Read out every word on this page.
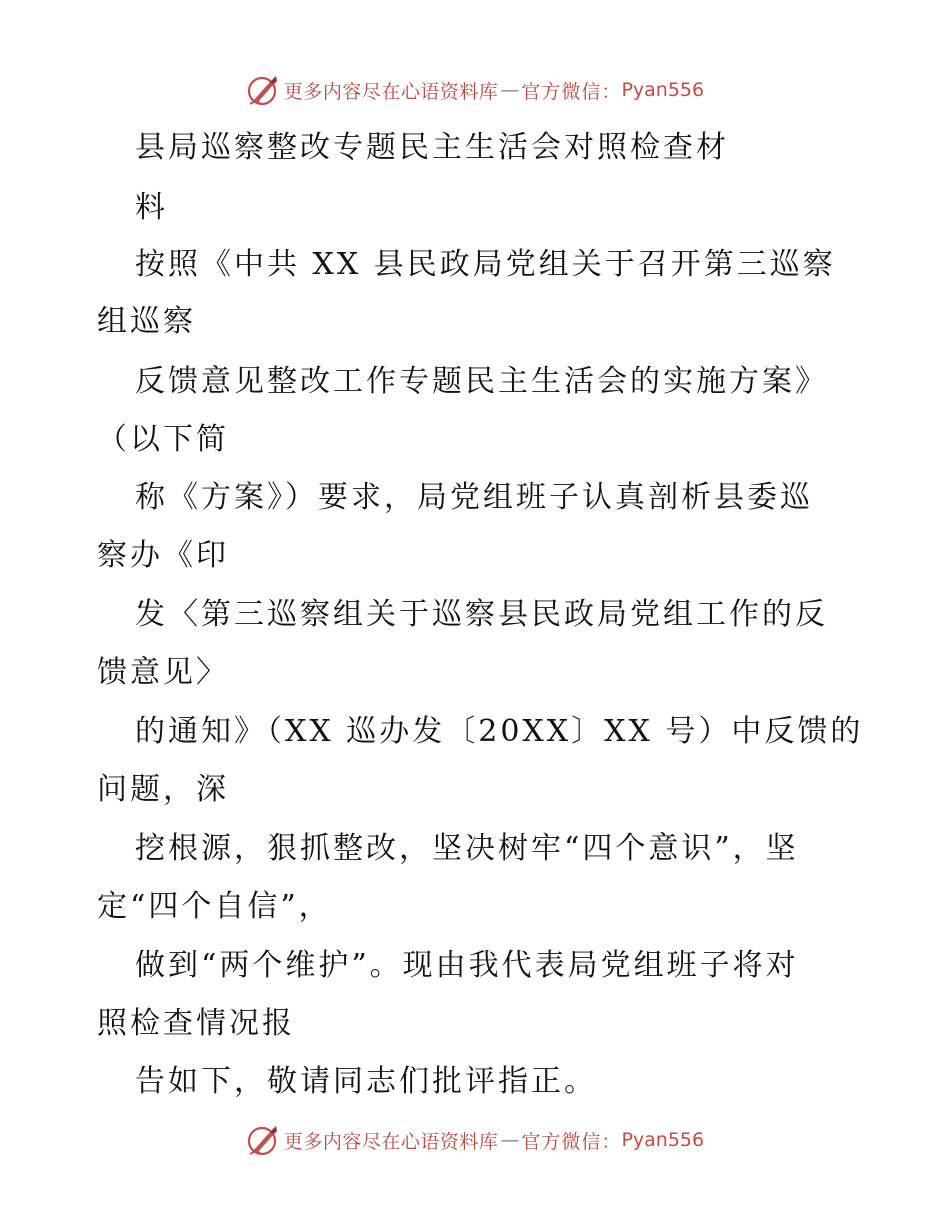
更多内容尽在心语资料库 — 官方微信： Pyan556
县局巡察整改专题民主生活会对照检查材
料
按照《中共 XX 县民政局党组关于召开第三巡察
组巡察
反馈意见整改工作专题民主生活会的实施方案》
（以下简
称《方案》）要求，局党组班子认真剖析县委巡
察办《印
发〈第三巡察组关于巡察县民政局党组工作的反
馈意见〉
的通知》（XX 巡办发〔20XX〕XX 号）中反馈的
问题，深
挖根源，狠抓整改，坚决树牢“四个意识”，坚
定“四个自信”，
做到“两个维护”。现由我代表局党组班子将对
照检查情况报
告如下，敬请同志们批评指正。
更多内容尽在心语资料库 — 官方微信： Pyan556
